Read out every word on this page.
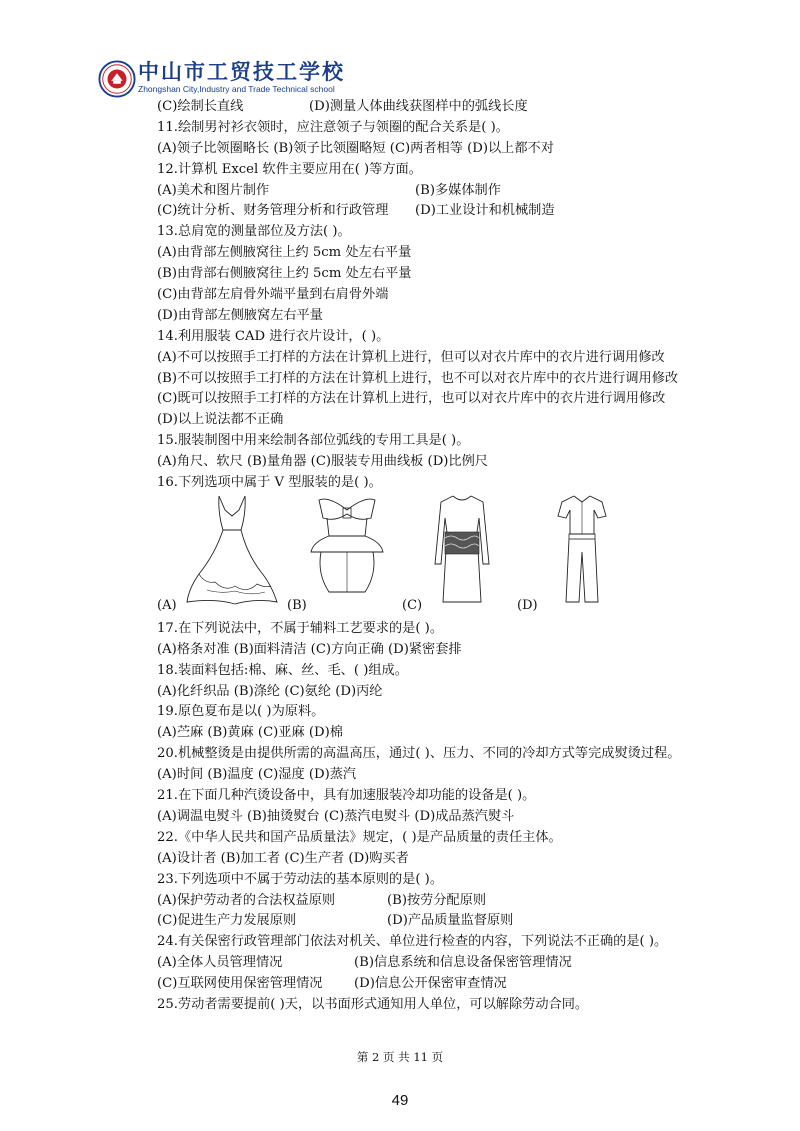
中山市工贸技工学校
Zhongshan City,Industry and Trade Technical school
(C)绘制长直线	(D)测量人体曲线获图样中的弧线长度
11.绘制男衬衫衣领时，应注意领子与领圈的配合关系是( )。
(A)领子比领圈略长 (B)领子比领圈略短 (C)两者相等 (D)以上都不对
12.计算机 Excel 软件主要应用在( )等方面。
(A)美术和图片制作	(B)多媒体制作
(C)统计分析、财务管理分析和行政管理 (D)工业设计和机械制造
13.总肩宽的测量部位及方法( )。
(A)由背部左侧腋窝往上约 5cm 处左右平量
(B)由背部右侧腋窝往上约 5cm 处左右平量
(C)由背部左肩骨外端平量到右肩骨外端
(D)由背部左侧腋窝左右平量
14.利用服装 CAD 进行衣片设计，( )。
(A)不可以按照手工打样的方法在计算机上进行，但可以对衣片库中的衣片进行调用修改
(B)不可以按照手工打样的方法在计算机上进行，也不可以对衣片库中的衣片进行调用修改
(C)既可以按照手工打样的方法在计算机上进行，也可以对衣片库中的衣片进行调用修改
(D)以上说法都不正确
15.服装制图中用来绘制各部位弧线的专用工具是( )。
(A)角尺、软尺 (B)量角器 (C)服装专用曲线板 (D)比例尺
16.下列选项中属于 V 型服装的是( )。
(A)	(B)	(C)	(D)
17.在下列说法中，不属于辅料工艺要求的是( )。
(A)格条对准 (B)面料清洁 (C)方向正确 (D)紧密套排
18.装面料包括:棉、麻、丝、毛、( )组成。
(A)化纤织品 (B)涤纶 (C)氨纶 (D)丙纶
19.原色夏布是以( )为原料。
(A)苎麻 (B)黄麻 (C)亚麻 (D)棉
20.机械整烫是由提供所需的高温高压，通过( )、压力、不同的冷却方式等完成熨烫过程。
(A)时间 (B)温度 (C)湿度 (D)蒸汽
21.在下面几种汽烫设备中，具有加速服装冷却功能的设备是( )。
(A)调温电熨斗 (B)抽烫熨台 (C)蒸汽电熨斗 (D)成品蒸汽熨斗
22.《中华人民共和国产品质量法》规定，( )是产品质量的责任主体。
(A)设计者 (B)加工者 (C)生产者 (D)购买者
23.下列选项中不属于劳动法的基本原则的是( )。
(A)保护劳动者的合法权益原则	(B)按劳分配原则
(C)促进生产力发展原则	(D)产品质量监督原则
24.有关保密行政管理部门依法对机关、单位进行检查的内容，下列说法不正确的是( )。
(A)全体人员管理情况	(B)信息系统和信息设备保密管理情况
(C)互联网使用保密管理情况 (D)信息公开保密审查情况
25.劳动者需要提前( )天，以书面形式通知用人单位，可以解除劳动合同。
第 2 页 共 11 页
49
